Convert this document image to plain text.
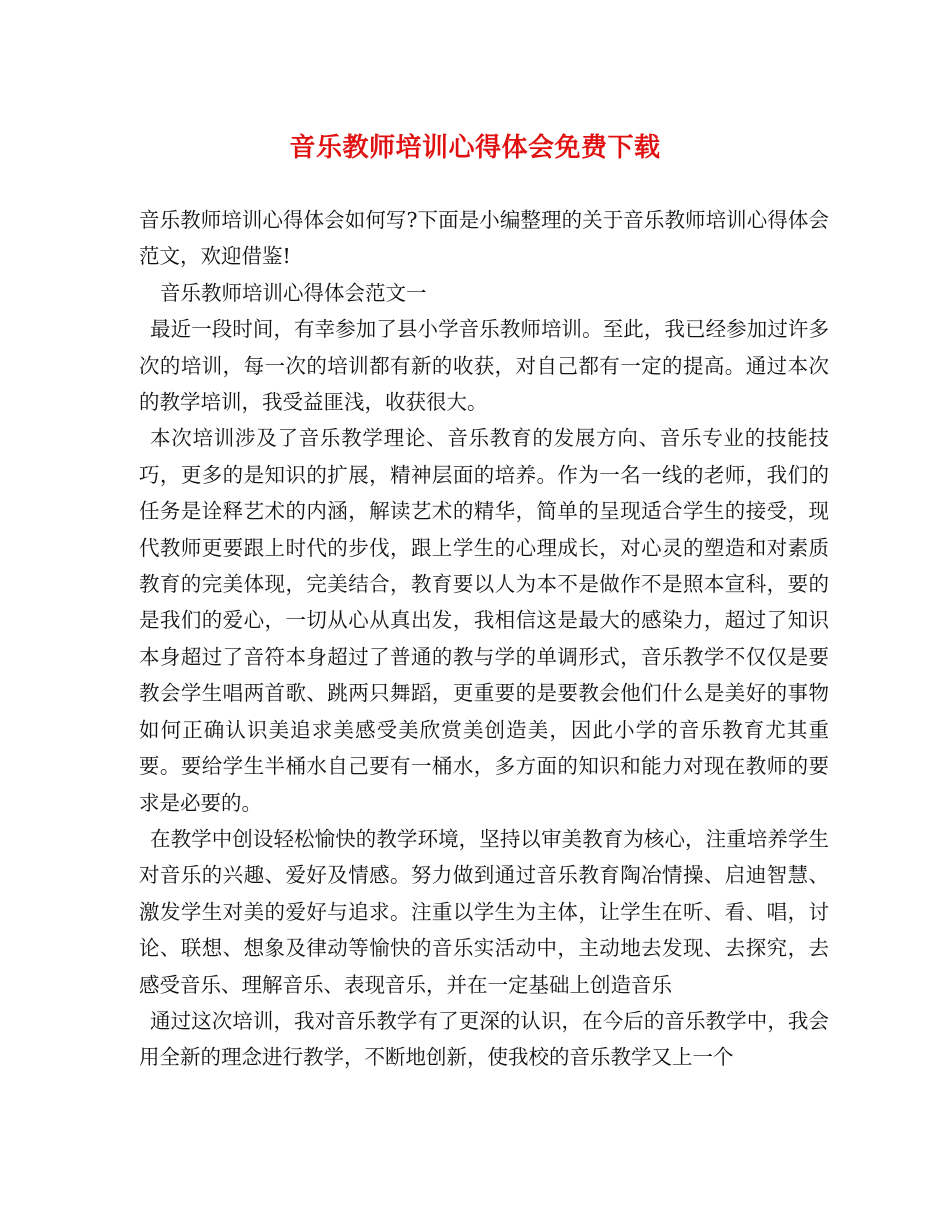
音乐教师培训心得体会免费下载

音乐教师培训心得体会如何写?下面是小编整理的关于音乐教师培训心得体会范文，欢迎借鉴!

音乐教师培训心得体会范文一

最近一段时间，有幸参加了县小学音乐教师培训。至此，我已经参加过许多次的培训，每一次的培训都有新的收获，对自己都有一定的提高。通过本次的教学培训，我受益匪浅，收获很大。

本次培训涉及了音乐教学理论、音乐教育的发展方向、音乐专业的技能技巧，更多的是知识的扩展，精神层面的培养。作为一名一线的老师，我们的任务是诠释艺术的内涵，解读艺术的精华，简单的呈现适合学生的接受，现代教师更要跟上时代的步伐，跟上学生的心理成长，对心灵的塑造和对素质教育的完美体现，完美结合，教育要以人为本不是做作不是照本宣科，要的是我们的爱心，一切从心从真出发，我相信这是最大的感染力，超过了知识本身超过了音符本身超过了普通的教与学的单调形式，音乐教学不仅仅是要教会学生唱两首歌、跳两只舞蹈，更重要的是要教会他们什么是美好的事物如何正确认识美追求美感受美欣赏美创造美，因此小学的音乐教育尤其重要。要给学生半桶水自己要有一桶水，多方面的知识和能力对现在教师的要求是必要的。

在教学中创设轻松愉快的教学环境，坚持以审美教育为核心，注重培养学生对音乐的兴趣、爱好及情感。努力做到通过音乐教育陶冶情操、启迪智慧、激发学生对美的爱好与追求。注重以学生为主体，让学生在听、看、唱，讨论、联想、想象及律动等愉快的音乐实活动中，主动地去发现、去探究，去感受音乐、理解音乐、表现音乐，并在一定基础上创造音乐

通过这次培训，我对音乐教学有了更深的认识，在今后的音乐教学中，我会用全新的理念进行教学，不断地创新，使我校的音乐教学又上一个
